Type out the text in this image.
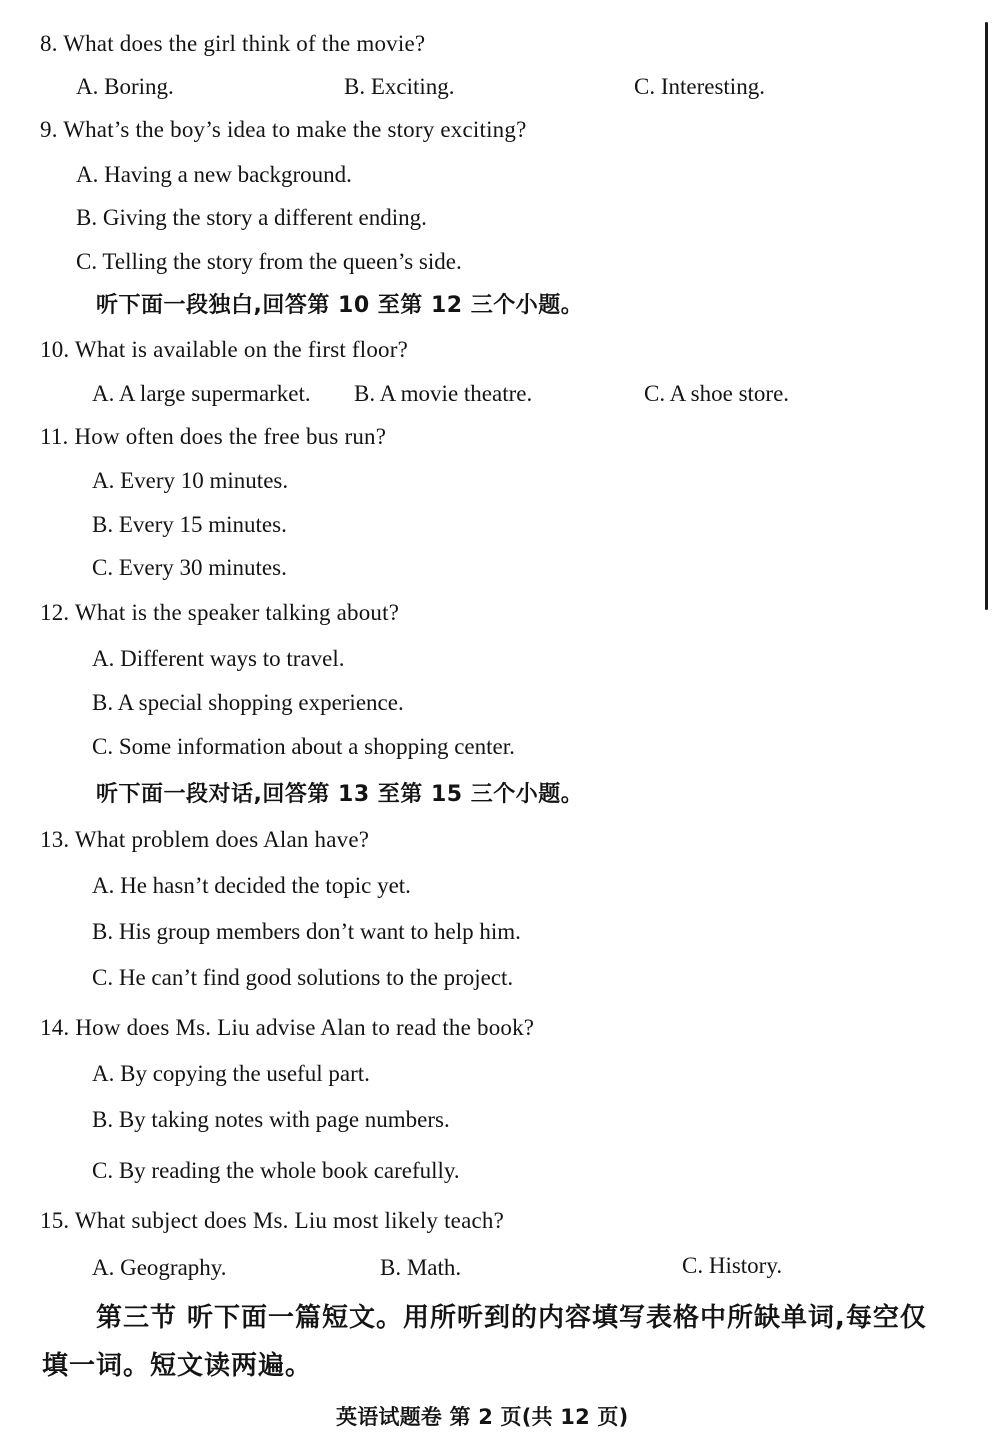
8. What does the girl think of the movie?
A. Boring.	B. Exciting.	C. Interesting.
9. What’s the boy’s idea to make the story exciting?
A. Having a new background.
B. Giving the story a different ending.
C. Telling the story from the queen’s side.
听下面一段独白,回答第 10 至第 12 三个小题。
10. What is available on the first floor?
A. A large supermarket. B. A movie theatre.	C. A shoe store.
11. How often does the free bus run?
A. Every 10 minutes.
B. Every 15 minutes.
C. Every 30 minutes.
12. What is the speaker talking about?
A. Different ways to travel.
B. A special shopping experience.
C. Some information about a shopping center.
听下面一段对话,回答第 13 至第 15 三个小题。
13. What problem does Alan have?
A. He hasn’t decided the topic yet.
B. His group members don’t want to help him.
C. He can’t find good solutions to the project.
14. How does Ms. Liu advise Alan to read the book?
A. By copying the useful part.
B. By taking notes with page numbers.
C. By reading the whole book carefully.
15. What subject does Ms. Liu most likely teach?
A. Geography.	B. Math.	C. History.
第三节 听下面一篇短文。用所听到的内容填写表格中所缺单词,每空仅
填一词。短文读两遍。
英语试题卷 第 2 页(共 12 页)
